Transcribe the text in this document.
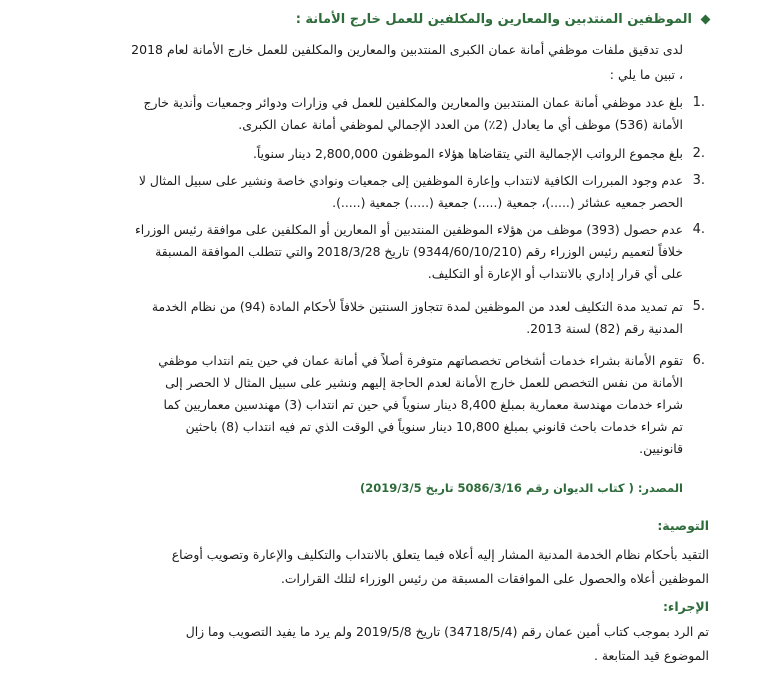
الموظفين المنتدبين والمعارين والمكلفين للعمل خارج الأمانة :
لدى تدقيق ملفات موظفي أمانة عمان الكبرى المنتدبين والمعارين والمكلفين للعمل خارج الأمانة لعام 2018
، تبين ما يلي :
.1

بلغ عدد موظفي أمانة عمان المنتدبين والمعارين والمكلفين للعمل في وزارات ودوائر وجمعيات وأندية خارج

الأمانة (536) موظف أي ما يعادل (2٪) من العدد الإجمالي لموظفي أمانة عمان الكبرى.

.2

بلغ مجموع الرواتب الإجمالية التي يتقاضاها هؤلاء الموظفون 2,800,000 دينار سنوياً.

.3

عدم وجود المبررات الكافية لانتداب وإعارة الموظفين إلى جمعيات ونوادي خاصة ونشير على سبيل المثال لا

الحصر جمعيه عشائر (.....)، جمعية (.....) جمعية (.....) جمعية (.....).

.4

عدم حصول (393) موظف من هؤلاء الموظفين المنتدبين أو المعارين أو المكلفين على موافقة رئيس الوزراء

خلافاً لتعميم رئيس الوزراء رقم (9344/60/10/210) تاريخ 2018/3/28 والتي تتطلب الموافقة المسبقة

على أي قرار إداري بالانتداب أو الإعارة أو التكليف.

.5

تم تمديد مدة التكليف لعدد من الموظفين لمدة تتجاوز السنتين خلافاً لأحكام المادة (94) من نظام الخدمة

المدنية رقم (82) لسنة 2013.

.6

تقوم الأمانة بشراء خدمات أشخاص تخصصاتهم متوفرة أصلاً في أمانة عمان في حين يتم انتداب موظفي

الأمانة من نفس التخصص للعمل خارج الأمانة لعدم الحاجة إليهم ونشير على سبيل المثال لا الحصر إلى

شراء خدمات مهندسة معمارية بمبلغ 8,400 دينار سنوياً في حين تم انتداب (3) مهندسين معماريين كما

تم شراء خدمات باحث قانوني بمبلغ 10,800 دينار سنوياً في الوقت الذي تم فيه انتداب (8) باحثين

قانونيين.

المصدر: ( كتاب الديوان رقم 5086/3/16 تاريخ 2019/3/5)
التوصية:

التقيد بأحكام نظام الخدمة المدنية المشار إليه أعلاه فيما يتعلق بالانتداب والتكليف والإعارة وتصويب أوضاع

الموظفين أعلاه والحصول على الموافقات المسبقة من رئيس الوزراء لتلك القرارات.

الإجراء:

تم الرد بموجب كتاب أمين عمان رقم (34718/5/4) تاريخ 2019/5/8 ولم يرد ما يفيد التصويب وما زال

الموضوع قيد المتابعة .
